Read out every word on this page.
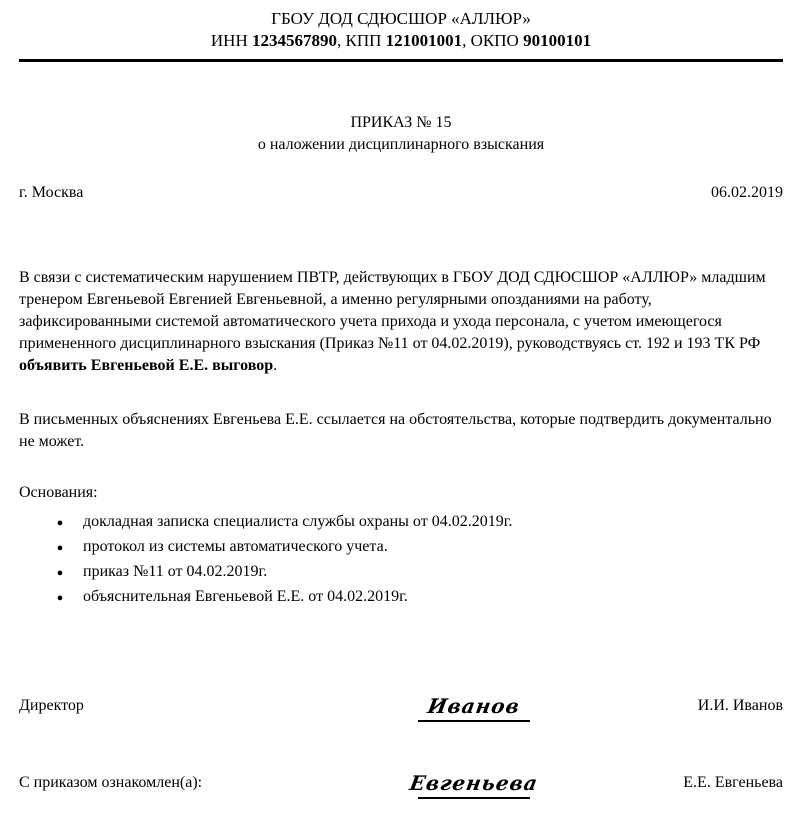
ГБОУ ДОД СДЮСШОР «АЛЛЮР»
ИНН 1234567890, КПП 121001001, ОКПО 90100101
ПРИКАЗ № 15
о наложении дисциплинарного взыскания
г. Москва	06.02.2019

В связи с систематическим нарушением ПВТР, действующих в ГБОУ ДОД СДЮСШОР «АЛЛЮР» младшим тренером Евгеньевой Евгенией Евгеньевной, а именно регулярными опозданиями на работу, зафиксированными системой автоматического учета прихода и ухода персонала, с учетом имеющегося примененного дисциплинарного взыскания (Приказ №11 от 04.02.2019), руководствуясь ст. 192 и 193 ТК РФ объявить Евгеньевой Е.Е. выговор.

В письменных объяснениях Евгеньева Е.Е. ссылается на обстоятельства, которые подтвердить документально не может.

Основания:
●	докладная записка специалиста службы охраны от 04.02.2019г.
●	протокол из системы автоматического учета.
●	приказ №11 от 04.02.2019г.
●	объяснительная Евгеньевой Е.Е. от 04.02.2019г.
Директор	Иванов	И.И. Иванов
С приказом ознакомлен(а):	Евгеньева	Е.Е. Евгеньева
